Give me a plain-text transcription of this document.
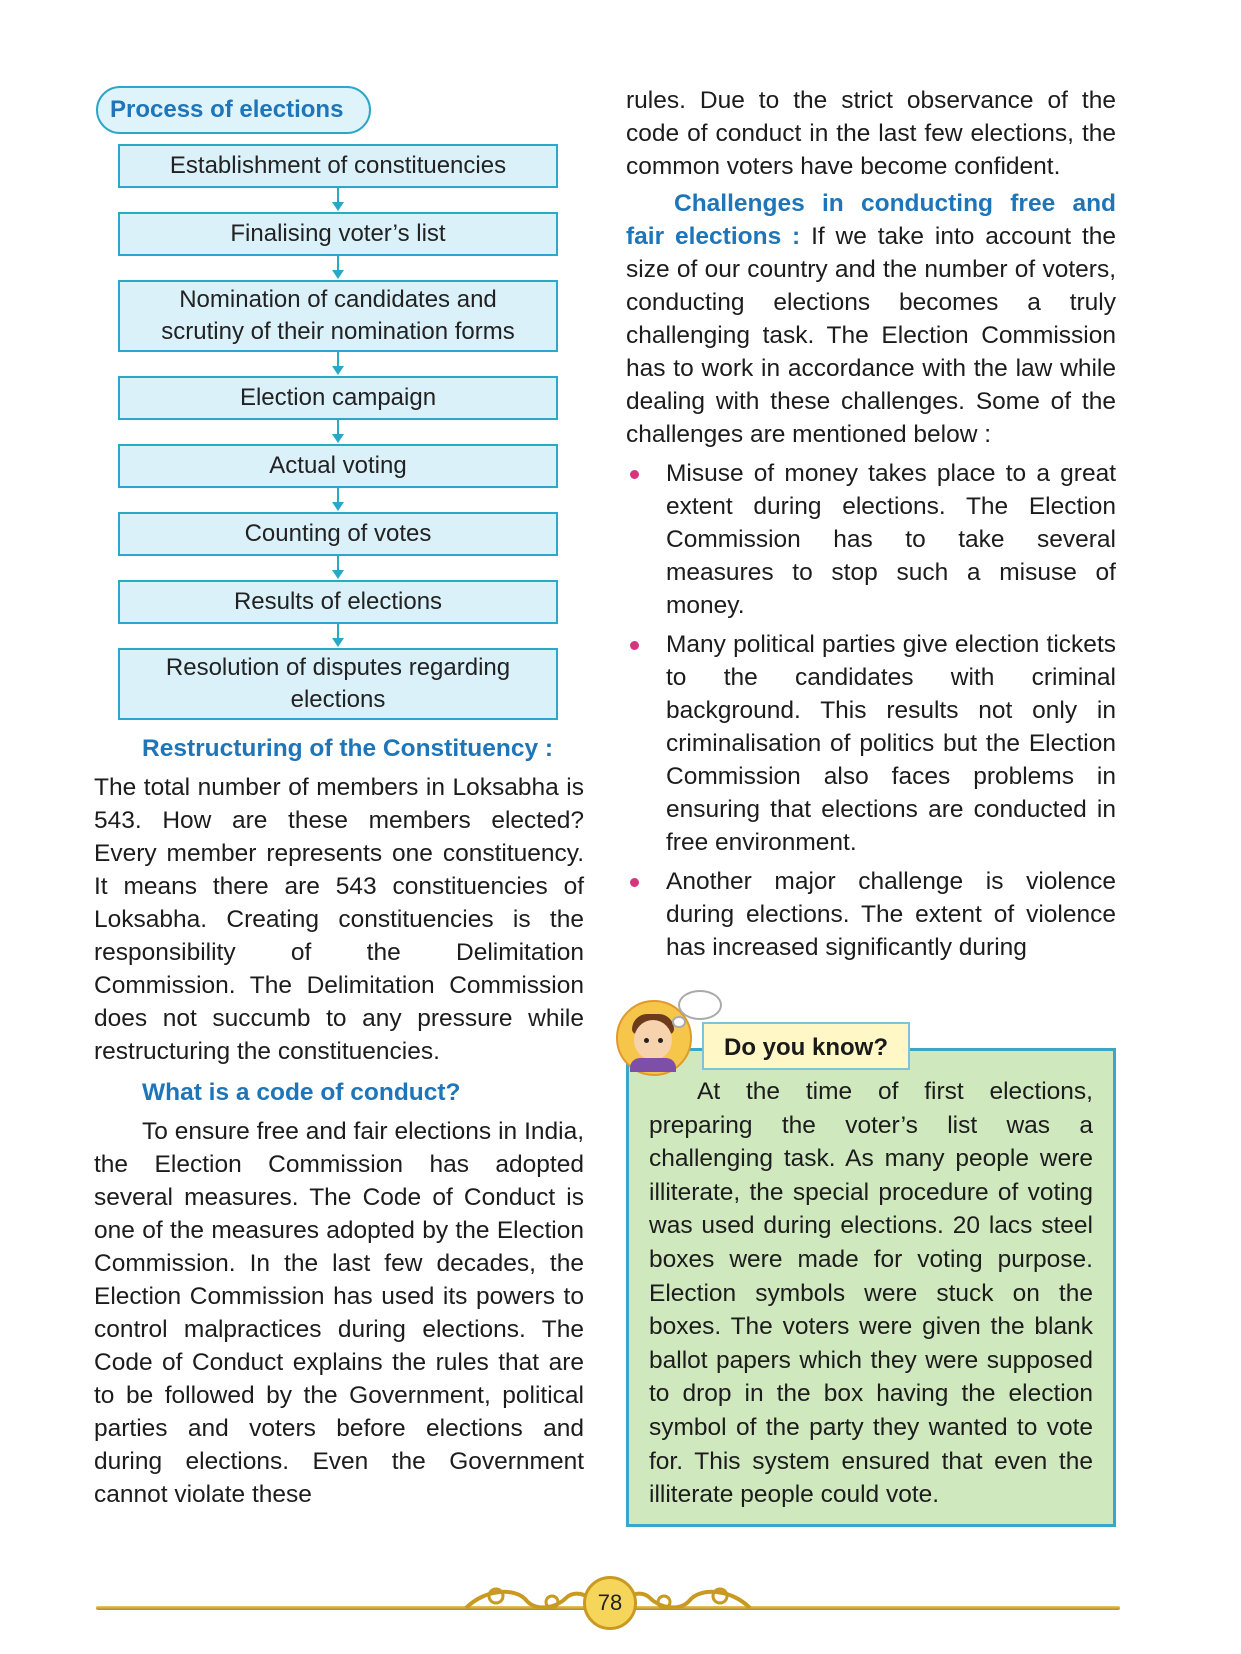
Process of elections
Establishment of constituencies
Finalising voter’s list
Nomination of candidates and scrutiny of their nomination forms
Election campaign
Actual voting
Counting of votes
Results of elections
Resolution of disputes regarding elections
Restructuring of the Constituency :

The total number of members in Loksabha is 543. How are these members elected? Every member represents one constituency. It means there are 543 constituencies of Loksabha. Creating constituencies is the responsibility of the Delimitation Commission. The Delimitation Commission does not succumb to any pressure while restructuring the constituencies.

What is a code of conduct?

To ensure free and fair elections in India, the Election Commission has adopted several measures. The Code of Conduct is one of the measures adopted by the Election Commission. In the last few decades, the Election Commission has used its powers to control malpractices during elections. The Code of Conduct explains the rules that are to be followed by the Government, political parties and voters before elections and during elections. Even the Government cannot violate these

rules. Due to the strict observance of the code of conduct in the last few elections, the common voters have become confident.

Challenges in conducting free and fair elections : If we take into account the size of our country and the number of voters, conducting elections becomes a truly challenging task. The Election Commission has to work in accordance with the law while dealing with these challenges. Some of the challenges are mentioned below :

Misuse of money takes place to a great extent during elections. The Election Commission has to take several measures to stop such a misuse of money.
Many political parties give election tickets to the candidates with criminal background. This results not only in criminalisation of politics but the Election Commission also faces problems in ensuring that elections are conducted in free environment.
Another major challenge is violence during elections. The extent of violence has increased significantly during
Do you know?

At the time of first elections, preparing the voter’s list was a challenging task. As many people were illiterate, the special procedure of voting was used during elections. 20 lacs steel boxes were made for voting purpose. Election symbols were stuck on the boxes. The voters were given the blank ballot papers which they were supposed to drop in the box having the election symbol of the party they wanted to vote for. This system ensured that even the illiterate people could vote.

78
